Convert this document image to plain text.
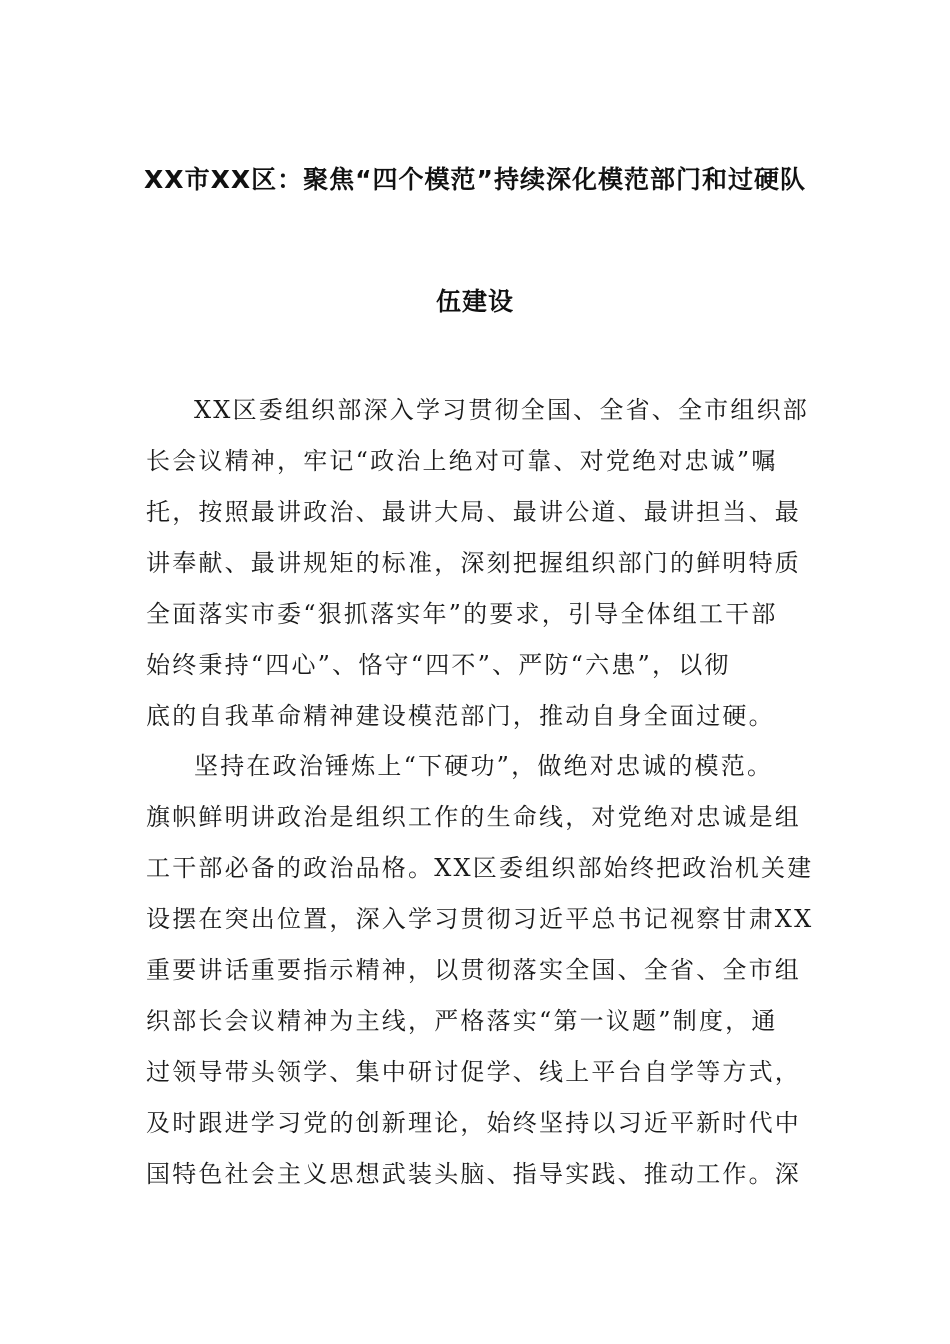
XX市XX区：聚焦“四个模范”持续深化模范部门和过硬队
伍建设
XX区委组织部深入学习贯彻全国、全省、全市组织部
长会议精神，牢记“政治上绝对可靠、对党绝对忠诚”嘱
托，按照最讲政治、最讲大局、最讲公道、最讲担当、最
讲奉献、最讲规矩的标准，深刻把握组织部门的鲜明特质
全面落实市委“狠抓落实年”的要求，引导全体组工干部
始终秉持“四心”、恪守“四不”、严防“六患”，以彻
底的自我革命精神建设模范部门，推动自身全面过硬。
坚持在政治锤炼上“下硬功”，做绝对忠诚的模范。
旗帜鲜明讲政治是组织工作的生命线，对党绝对忠诚是组
工干部必备的政治品格。XX区委组织部始终把政治机关建
设摆在突出位置，深入学习贯彻习近平总书记视察甘肃XX
重要讲话重要指示精神，以贯彻落实全国、全省、全市组
织部长会议精神为主线，严格落实“第一议题”制度，通
过领导带头领学、集中研讨促学、线上平台自学等方式，
及时跟进学习党的创新理论，始终坚持以习近平新时代中
国特色社会主义思想武装头脑、指导实践、推动工作。深
